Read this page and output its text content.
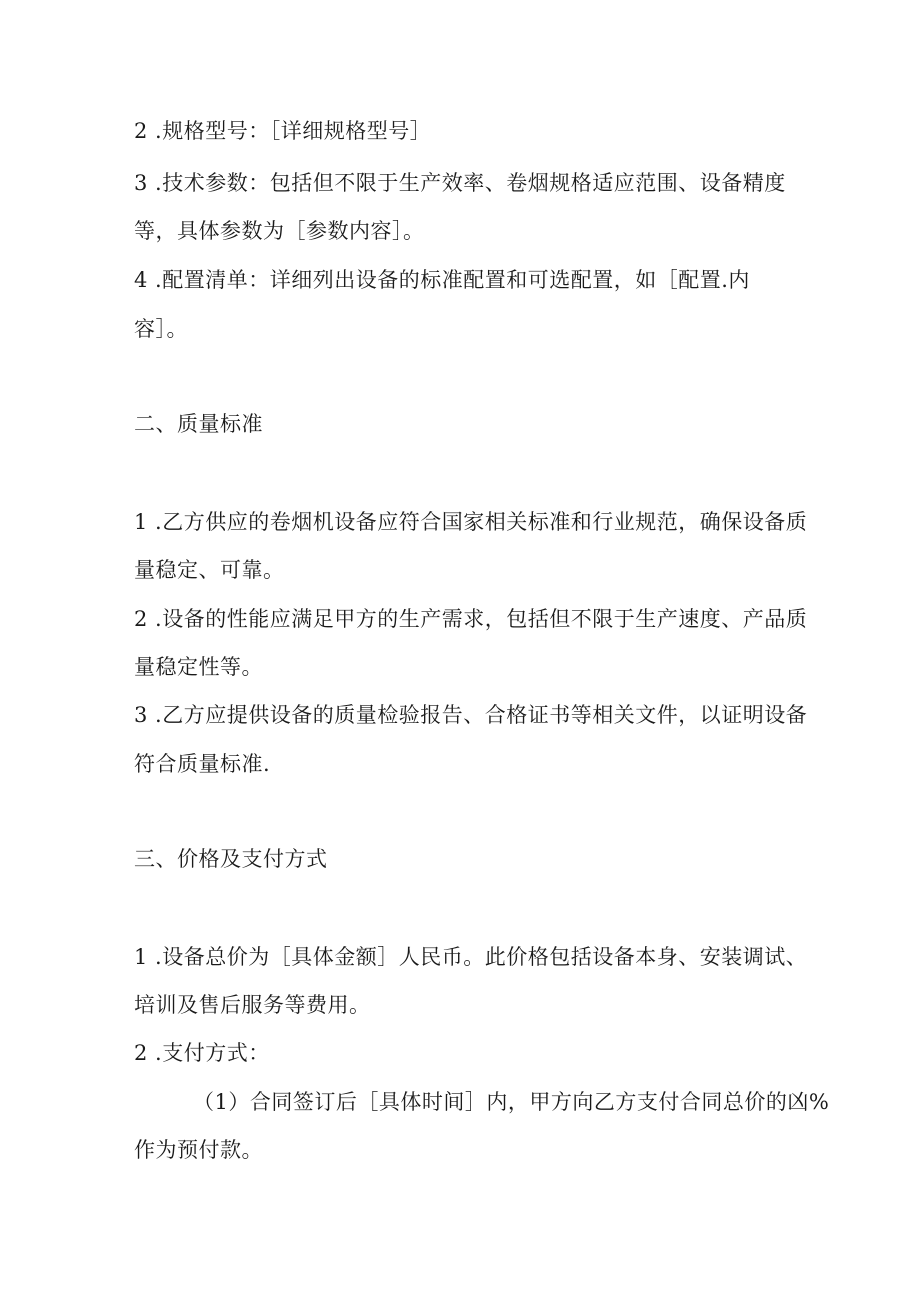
2 .规格型号：［详细规格型号］
3 .技术参数：包括但不限于生产效率、卷烟规格适应范围、设备精度
等，具体参数为［参数内容］。
4 .配置清单：详细列出设备的标准配置和可选配置，如［配置.内
容］。
二、质量标准
1 .乙方供应的卷烟机设备应符合国家相关标准和行业规范，确保设备质
量稳定、可靠。
2 .设备的性能应满足甲方的生产需求，包括但不限于生产速度、产品质
量稳定性等。
3 .乙方应提供设备的质量检验报告、合格证书等相关文件，以证明设备
符合质量标准.
三、价格及支付方式
1 .设备总价为［具体金额］人民币。此价格包括设备本身、安装调试、
培训及售后服务等费用。
2 .支付方式：
（1）合同签订后［具体时间］内，甲方向乙方支付合同总价的凶%
作为预付款。
